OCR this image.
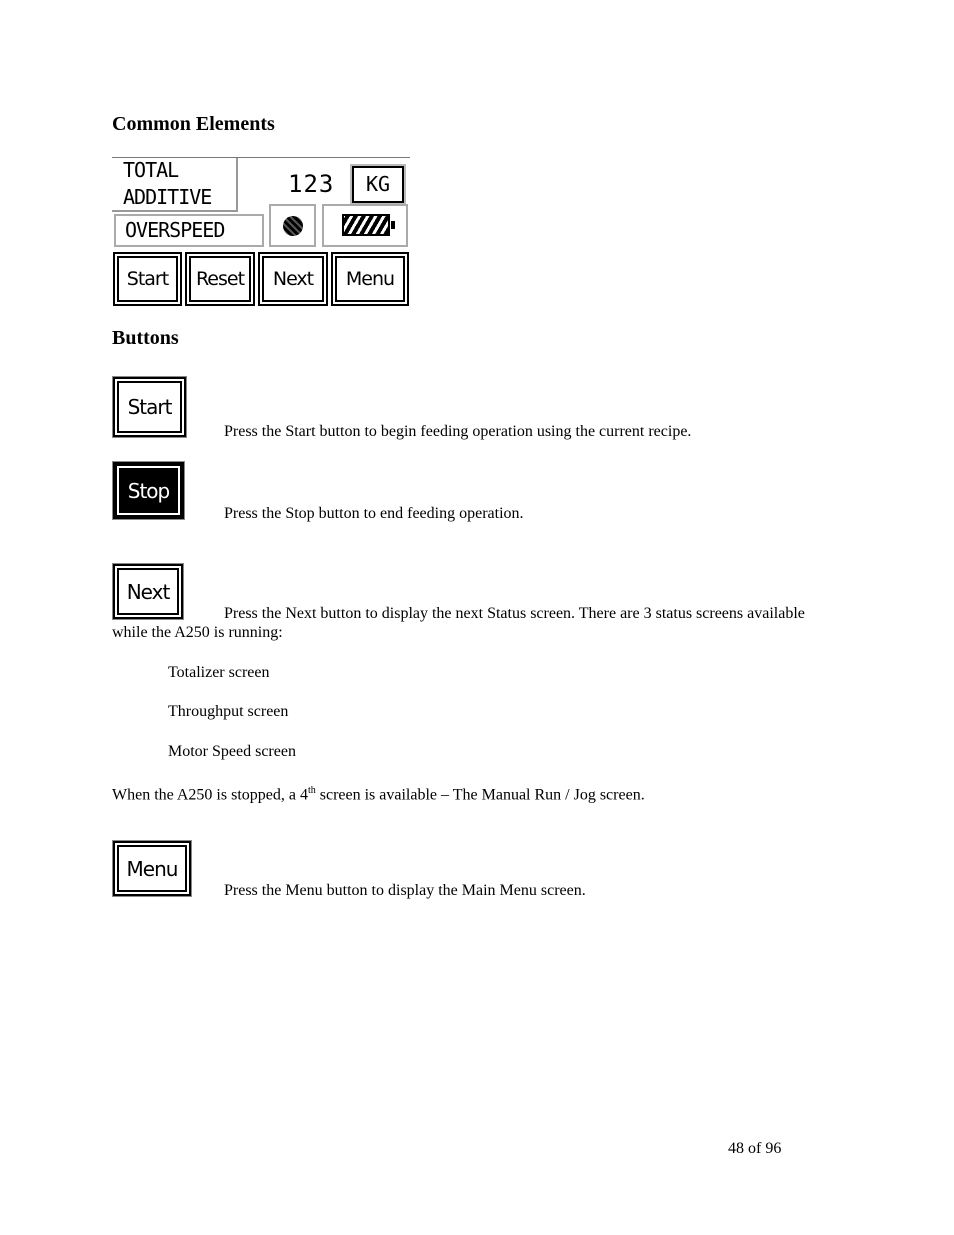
Common Elements
TOTAL
ADDITIVE	123	KG
OVERSPEED
Start	Reset	Next	Menu
Buttons
Start
Press the Start button to begin feeding operation using the current recipe.
Stop
Press the Stop button to end feeding operation.
Next
Press the Next button to display the next Status screen. There are 3 status screens available
while the A250 is running:
Totalizer screen
Throughput screen
Motor Speed screen
When the A250 is stopped, a 4th screen is available – The Manual Run / Jog screen.
Menu
Press the Menu button to display the Main Menu screen.
48 of 96
